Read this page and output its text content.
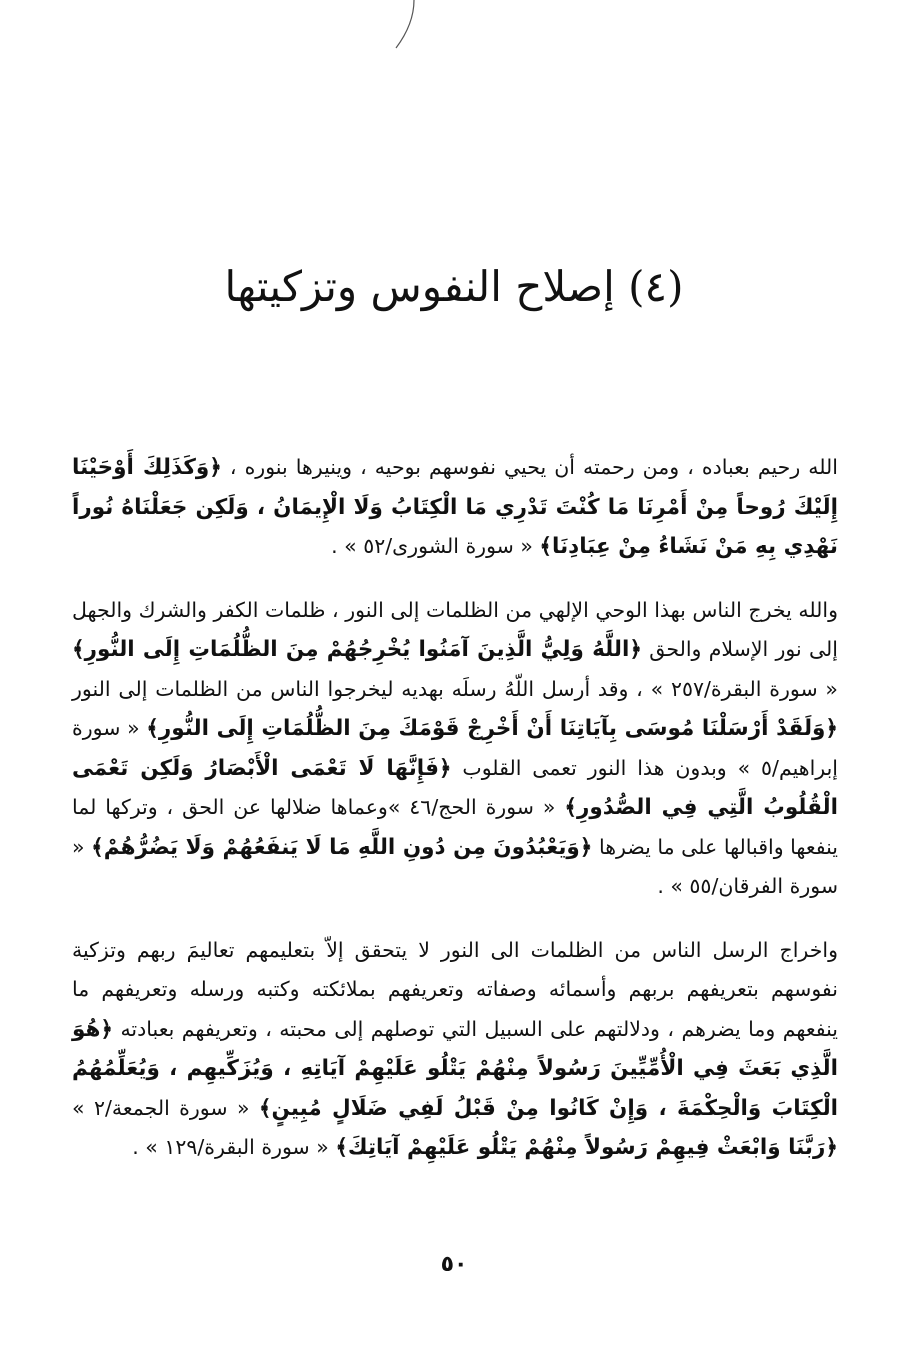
(٤) إصلاح النفوس وتزكيتها

الله رحيم بعباده ، ومن رحمته أن يحيي نفوسهم بوحيه ، وينيرها بنوره ، ﴿وَكَذَلِكَ أَوْحَيْنَا إِلَيْكَ رُوحاً مِنْ أَمْرِنَا مَا كُنْتَ تَدْرِي مَا الْكِتَابُ وَلَا الْإِيمَانُ ، وَلَكِن جَعَلْنَاهُ نُوراً نَهْدِي بِهِ مَنْ نَشَاءُ مِنْ عِبَادِنَا﴾ « سورة الشورى/٥٢ » .

والله يخرج الناس بهذا الوحي الإلهي من الظلمات إلى النور ، ظلمات الكفر والشرك والجهل إلى نور الإسلام والحق ﴿اللَّهُ وَلِيُّ الَّذِينَ آمَنُوا يُخْرِجُهُمْ مِنَ الظُّلُمَاتِ إِلَى النُّورِ﴾ « سورة البقرة/٢٥٧ » ، وقد أرسل اللّهُ رسلَه بهديه ليخرجوا الناس من الظلمات إلى النور ﴿وَلَقَدْ أَرْسَلْنَا مُوسَى بِآيَاتِنَا أَنْ أَخْرِجْ قَوْمَكَ مِنَ الظُّلُمَاتِ إِلَى النُّورِ﴾ « سورة إبراهيم/٥ » وبدون هذا النور تعمى القلوب ﴿فَإِنَّهَا لَا تَعْمَى الْأَبْصَارُ وَلَكِن تَعْمَى الْقُلُوبُ الَّتِي فِي الصُّدُورِ﴾ « سورة الحج/٤٦ »وعماها ضلالها عن الحق ، وتركها لما ينفعها واقبالها على ما يضرها ﴿وَيَعْبُدُونَ مِن دُونِ اللَّهِ مَا لَا يَنفَعُهُمْ وَلَا يَضُرُّهُمْ﴾ « سورة الفرقان/٥٥ » .

واخراج الرسل الناس من الظلمات الى النور لا يتحقق إلاّ بتعليمهم تعاليمَ ربهم وتزكية نفوسهم بتعريفهم بربهم وأسمائه وصفاته وتعريفهم بملائكته وكتبه ورسله وتعريفهم ما ينفعهم وما يضرهم ، ودلالتهم على السبيل التي توصلهم إلى محبته ، وتعريفهم بعبادته ﴿هُوَ الَّذِي بَعَثَ فِي الْأُمِّيِّينَ رَسُولاً مِنْهُمْ يَتْلُو عَلَيْهِمْ آيَاتِهِ ، وَيُزَكِّيهِم ، وَيُعَلِّمُهُمُ الْكِتَابَ وَالْحِكْمَةَ ، وَإِنْ كَانُوا مِنْ قَبْلُ لَفِي ضَلَالٍ مُبِينٍ﴾ « سورة الجمعة/٢ » ﴿رَبَّنَا وَابْعَثْ فِيهِمْ رَسُولاً مِنْهُمْ يَتْلُو عَلَيْهِمْ آيَاتِكَ﴾ « سورة البقرة/١٢٩ » .

٥٠
